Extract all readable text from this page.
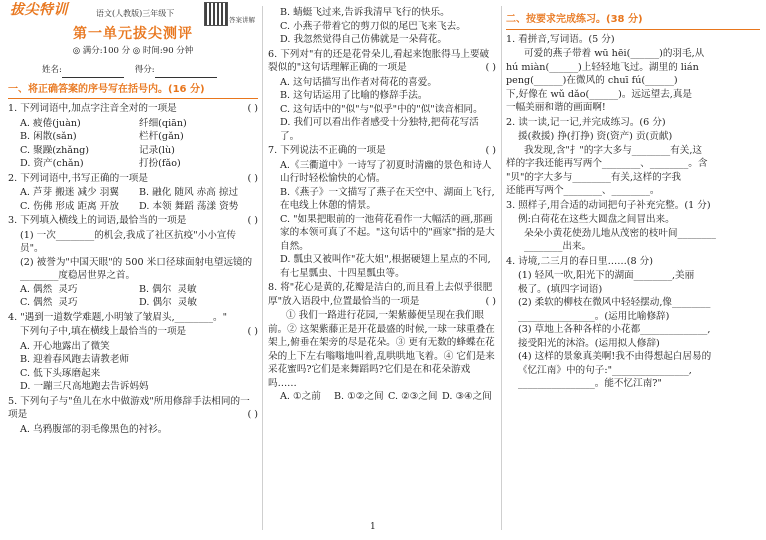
拔尖特训	语文(人教版)三年级下
答案讲解
第一单元拔尖测评
◎ 满分:100 分 ◎ 时间:90 分钟
姓名:	得分:
一、将正确答案的序号写在括号内。(16 分)
1. 下列词语中,加点字注音全对的一项是	( )
A. 疲倦(juàn)	纤细(qiān)
B. 闲散(sǎn)	栏杆(gǎn)
C. 聚躁(zhǎng)	记录(lù)
D. 资产(chǎn)	打扮(fǎo)
2. 下列词语中,书写正确的一项是	( )
A. 芦芽 搬迷 减少 羽翼	B. 融化 随风 赤高 掠过
C. 伤佛 形成 距离 开放	D. 本领 舞蹈 荡漾 资势
3. 下列填入横线上的词语,最恰当的一项是	( )
(1) 一次________的机会,我成了社区抗疫"小小宣传员"。
(2) 被誉为"中国天眼"的 500 米口径球面射电望远镜的________度稳居世界之首。
A. 偶然 灵巧	B. 偶尔 灵敏
C. 偶然 灵巧	D. 偶尔 灵敏
4. "遇到一道数学难题,小明皱了皱眉头,________。"
下列句子中,填在横线上最恰当的一项是	( )
A. 开心地露出了微笑
B. 迎着春风跑去请教老师
C. 低下头琢磨起来
D. 一蹦三尺高地跑去告诉妈妈
5. 下列句子与"鱼儿在水中做游戏"所用修辞手法相同的一项是	( )
A. 乌鸦腹部的羽毛像黑色的衬衫。
B. 蜻蜓飞过来,告诉我清早飞行的快乐。
C. 小燕子带着它的剪刀似的尾巴飞来飞去。
D. 我忽然觉得自己仿佛就是一朵荷花。
6. 下列对"有的还是花骨朵儿,看起来饱胀得马上要破裂似的"这句话理解正确的一项是	( )
A. 这句话描写出作者对荷花的喜爱。
B. 这句话运用了比喻的修辞手法。
C. 这句话中的"似"与"似乎"中的"似"读音相同。
D. 我们可以看出作者感受十分独特,把荷花写活了。
7. 下列说法不正确的一项是	( )
A.《三衢道中》一诗写了初夏时清幽的景色和诗人山行时轻松愉快的心情。
B.《燕子》一文描写了燕子在天空中、湖面上飞行,在电线上休憩的情景。
C. "如果把眼前的一池荷花看作一大幅活的画,那画家的本领可真了不起。"这句话中的"画家"指的是大自然。
D. 瓢虫又被叫作"花大姐",根据硬翅上星点的不同,有七星瓢虫、十四星瓢虫等。
8. 将"花心是黄的,花瓣是洁白的,而且看上去似乎很肥厚"放入语段中,位置最恰当的一项是	( )
① 我们一路进行花园,一架紫藤便呈现在我们眼前。② 这架紫藤正是开花最盛的时候,一球一球重叠在架上,俯垂在架旁的尽是花朵。③ 更有无数的蜂蝶在花朵的上下左右嗡嗡地叫着,乱哄哄地飞着。④ 它们是来采花蜜吗?它们是来舞蹈吗?它们是在和花朵游戏吗……
A. ①之前	B. ①②之间 C. ②③之间 D. ③④之间
二、按要求完成练习。(38 分)
1. 看拼音,写词语。(5 分)
可爱的燕子带着 wū hēi(______)的羽毛,从
hú miàn(______)上轻轻地飞过。湖里的 lián
peng(______)在微风的 chuī fú(______)
下,好像在 wǔ dǎo(______)。远远望去,真是
一幅美丽和谐的画面啊!
2. 读一读,记一记,并完成练习。(6 分)
援(救援) 挣(打挣) 资(资产) 贡(贡献)
我发现,含"扌"的字大多与________有关,这
样的字我还能再写两个________、________。含
"贝"的字大多与________有关,这样的字我
还能再写两个________、________。
3. 照样子,用合适的动词把句子补充完整。(1 分)
例:白荷花在这些大圆盘之间冒出来。
朵朵小黄花使劲儿地从茂密的枝叶间________
________出来。
4. 诗境,二三月的春日里……(8 分)
(1) 轻风一吹,阳光下的湖面________,美丽
极了。(填四字词语)
(2) 柔软的柳枝在微风中轻轻摆动,像________
________________。(运用比喻修辞)
(3) 草地上各种各样的小花都______________,
接受阳光的沐浴。(运用拟人修辞)
(4) 这样的景象真美啊!我不由得想起白居易的
《忆江南》中的句子:"________________,
________________。能不忆江南?"
1
